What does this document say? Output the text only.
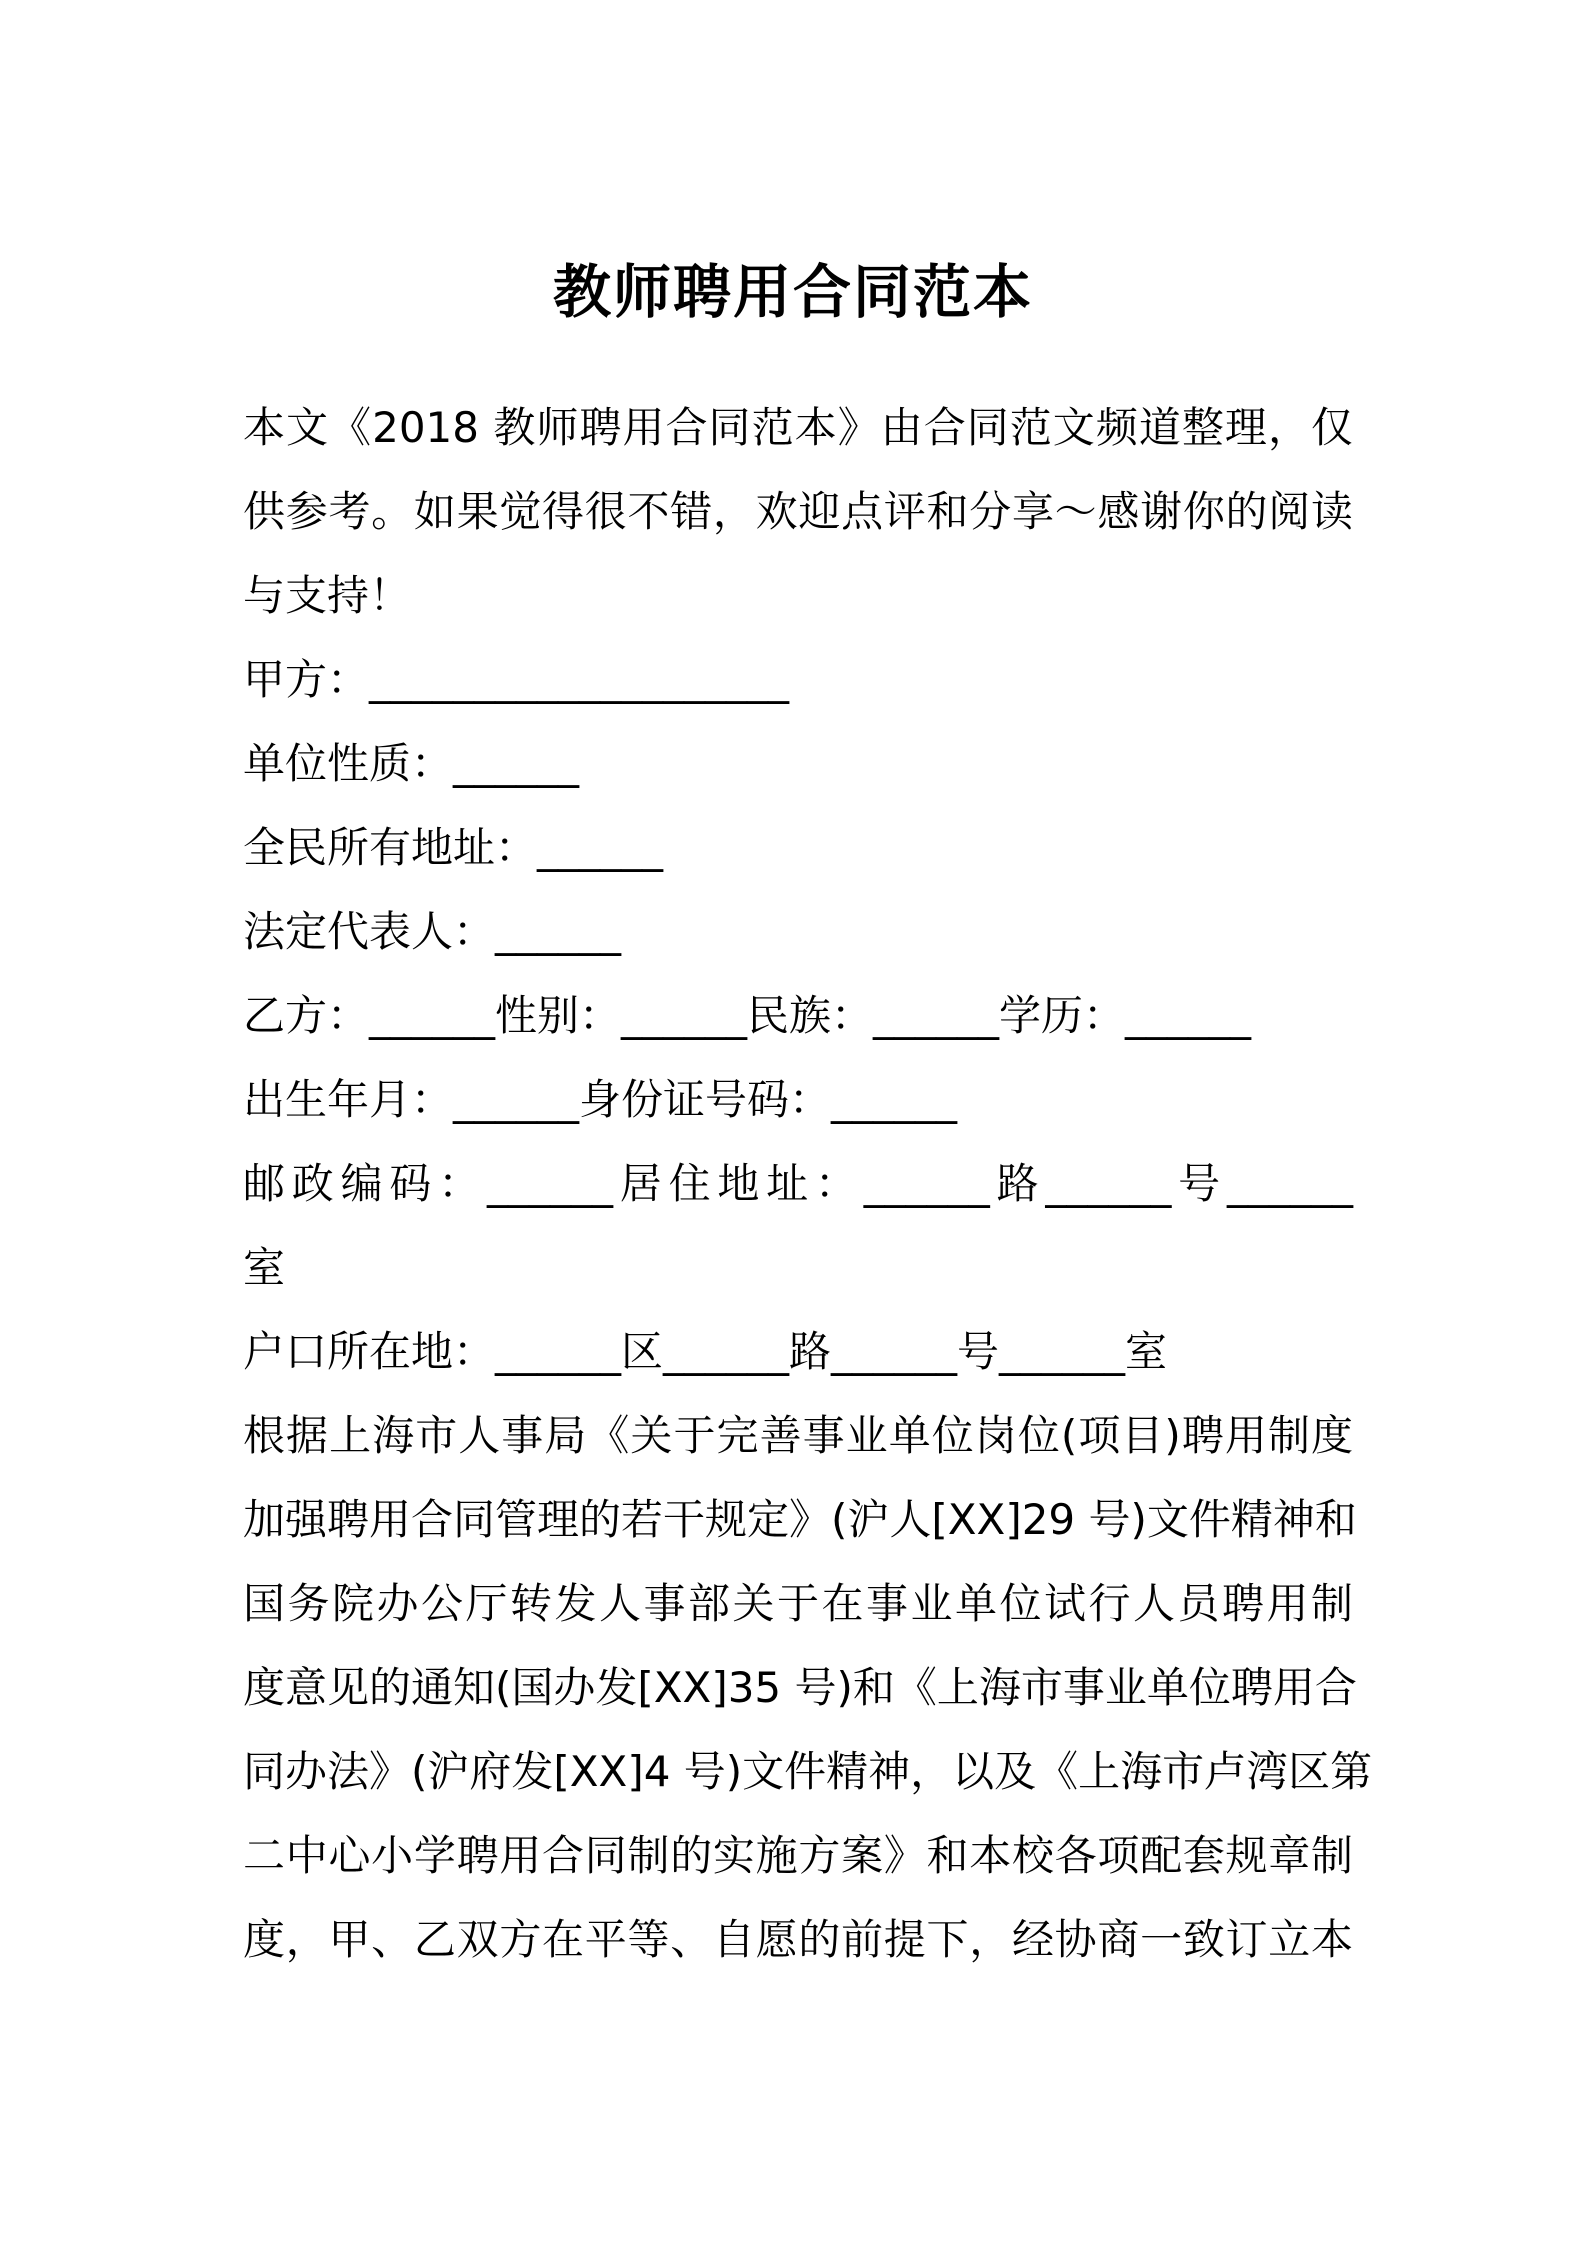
教师聘用合同范本
本文《2018 教师聘用合同范本》由合同范文频道整理，仅
供参考。如果觉得很不错，欢迎点评和分享～感谢你的阅读
与支持！
甲方：____________________
单位性质：______
全民所有地址：______
法定代表人：______
乙方：______性别：______民族：______学历：______
出生年月：______身份证号码：______
邮政编码：______居住地址：______路______号______
室
户口所在地：______区______路______号______室
根据上海市人事局《关于完善事业单位岗位(项目)聘用制度
加强聘用合同管理的若干规定》(沪人[XX]29 号)文件精神和
国务院办公厅转发人事部关于在事业单位试行人员聘用制
度意见的通知(国办发[XX]35 号)和《上海市事业单位聘用合
同办法》(沪府发[XX]4 号)文件精神，以及《上海市卢湾区第
二中心小学聘用合同制的实施方案》和本校各项配套规章制
度，甲、乙双方在平等、自愿的前提下，经协商一致订立本
